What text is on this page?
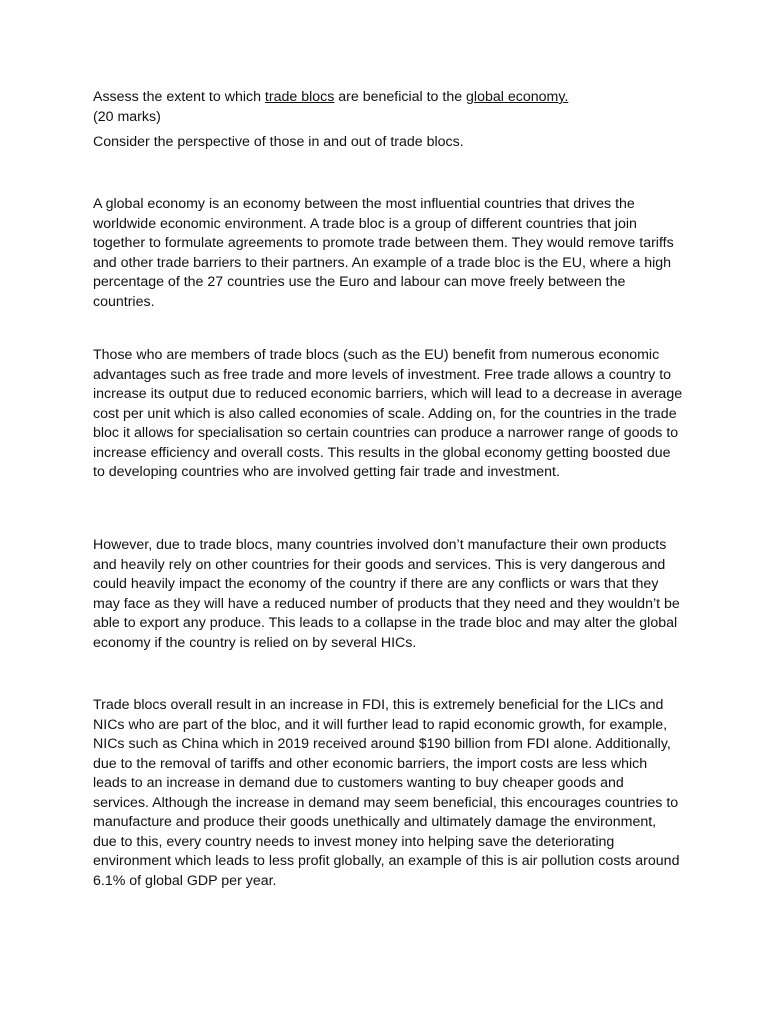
Assess the extent to which trade blocs are beneficial to the global economy.

(20 marks)

Consider the perspective of those in and out of trade blocs.

A global economy is an economy between the most influential countries that drives the worldwide economic environment. A trade bloc is a group of different countries that join together to formulate agreements to promote trade between them. They would remove tariffs and other trade barriers to their partners. An example of a trade bloc is the EU, where a high percentage of the 27 countries use the Euro and labour can move freely between the countries.

Those who are members of trade blocs (such as the EU) benefit from numerous economic advantages such as free trade and more levels of investment. Free trade allows a country to increase its output due to reduced economic barriers, which will lead to a decrease in average cost per unit which is also called economies of scale. Adding on, for the countries in the trade bloc it allows for specialisation so certain countries can produce a narrower range of goods to increase efficiency and overall costs. This results in the global economy getting boosted due to developing countries who are involved getting fair trade and investment.

However, due to trade blocs, many countries involved don’t manufacture their own products and heavily rely on other countries for their goods and services. This is very dangerous and could heavily impact the economy of the country if there are any conflicts or wars that they may face as they will have a reduced number of products that they need and they wouldn’t be able to export any produce. This leads to a collapse in the trade bloc and may alter the global economy if the country is relied on by several HICs.

Trade blocs overall result in an increase in FDI, this is extremely beneficial for the LICs and NICs who are part of the bloc, and it will further lead to rapid economic growth, for example, NICs such as China which in 2019 received around $190 billion from FDI alone. Additionally, due to the removal of tariffs and other economic barriers, the import costs are less which leads to an increase in demand due to customers wanting to buy cheaper goods and services. Although the increase in demand may seem beneficial, this encourages countries to manufacture and produce their goods unethically and ultimately damage the environment, due to this, every country needs to invest money into helping save the deteriorating environment which leads to less profit globally, an example of this is air pollution costs around 6.1% of global GDP per year.
